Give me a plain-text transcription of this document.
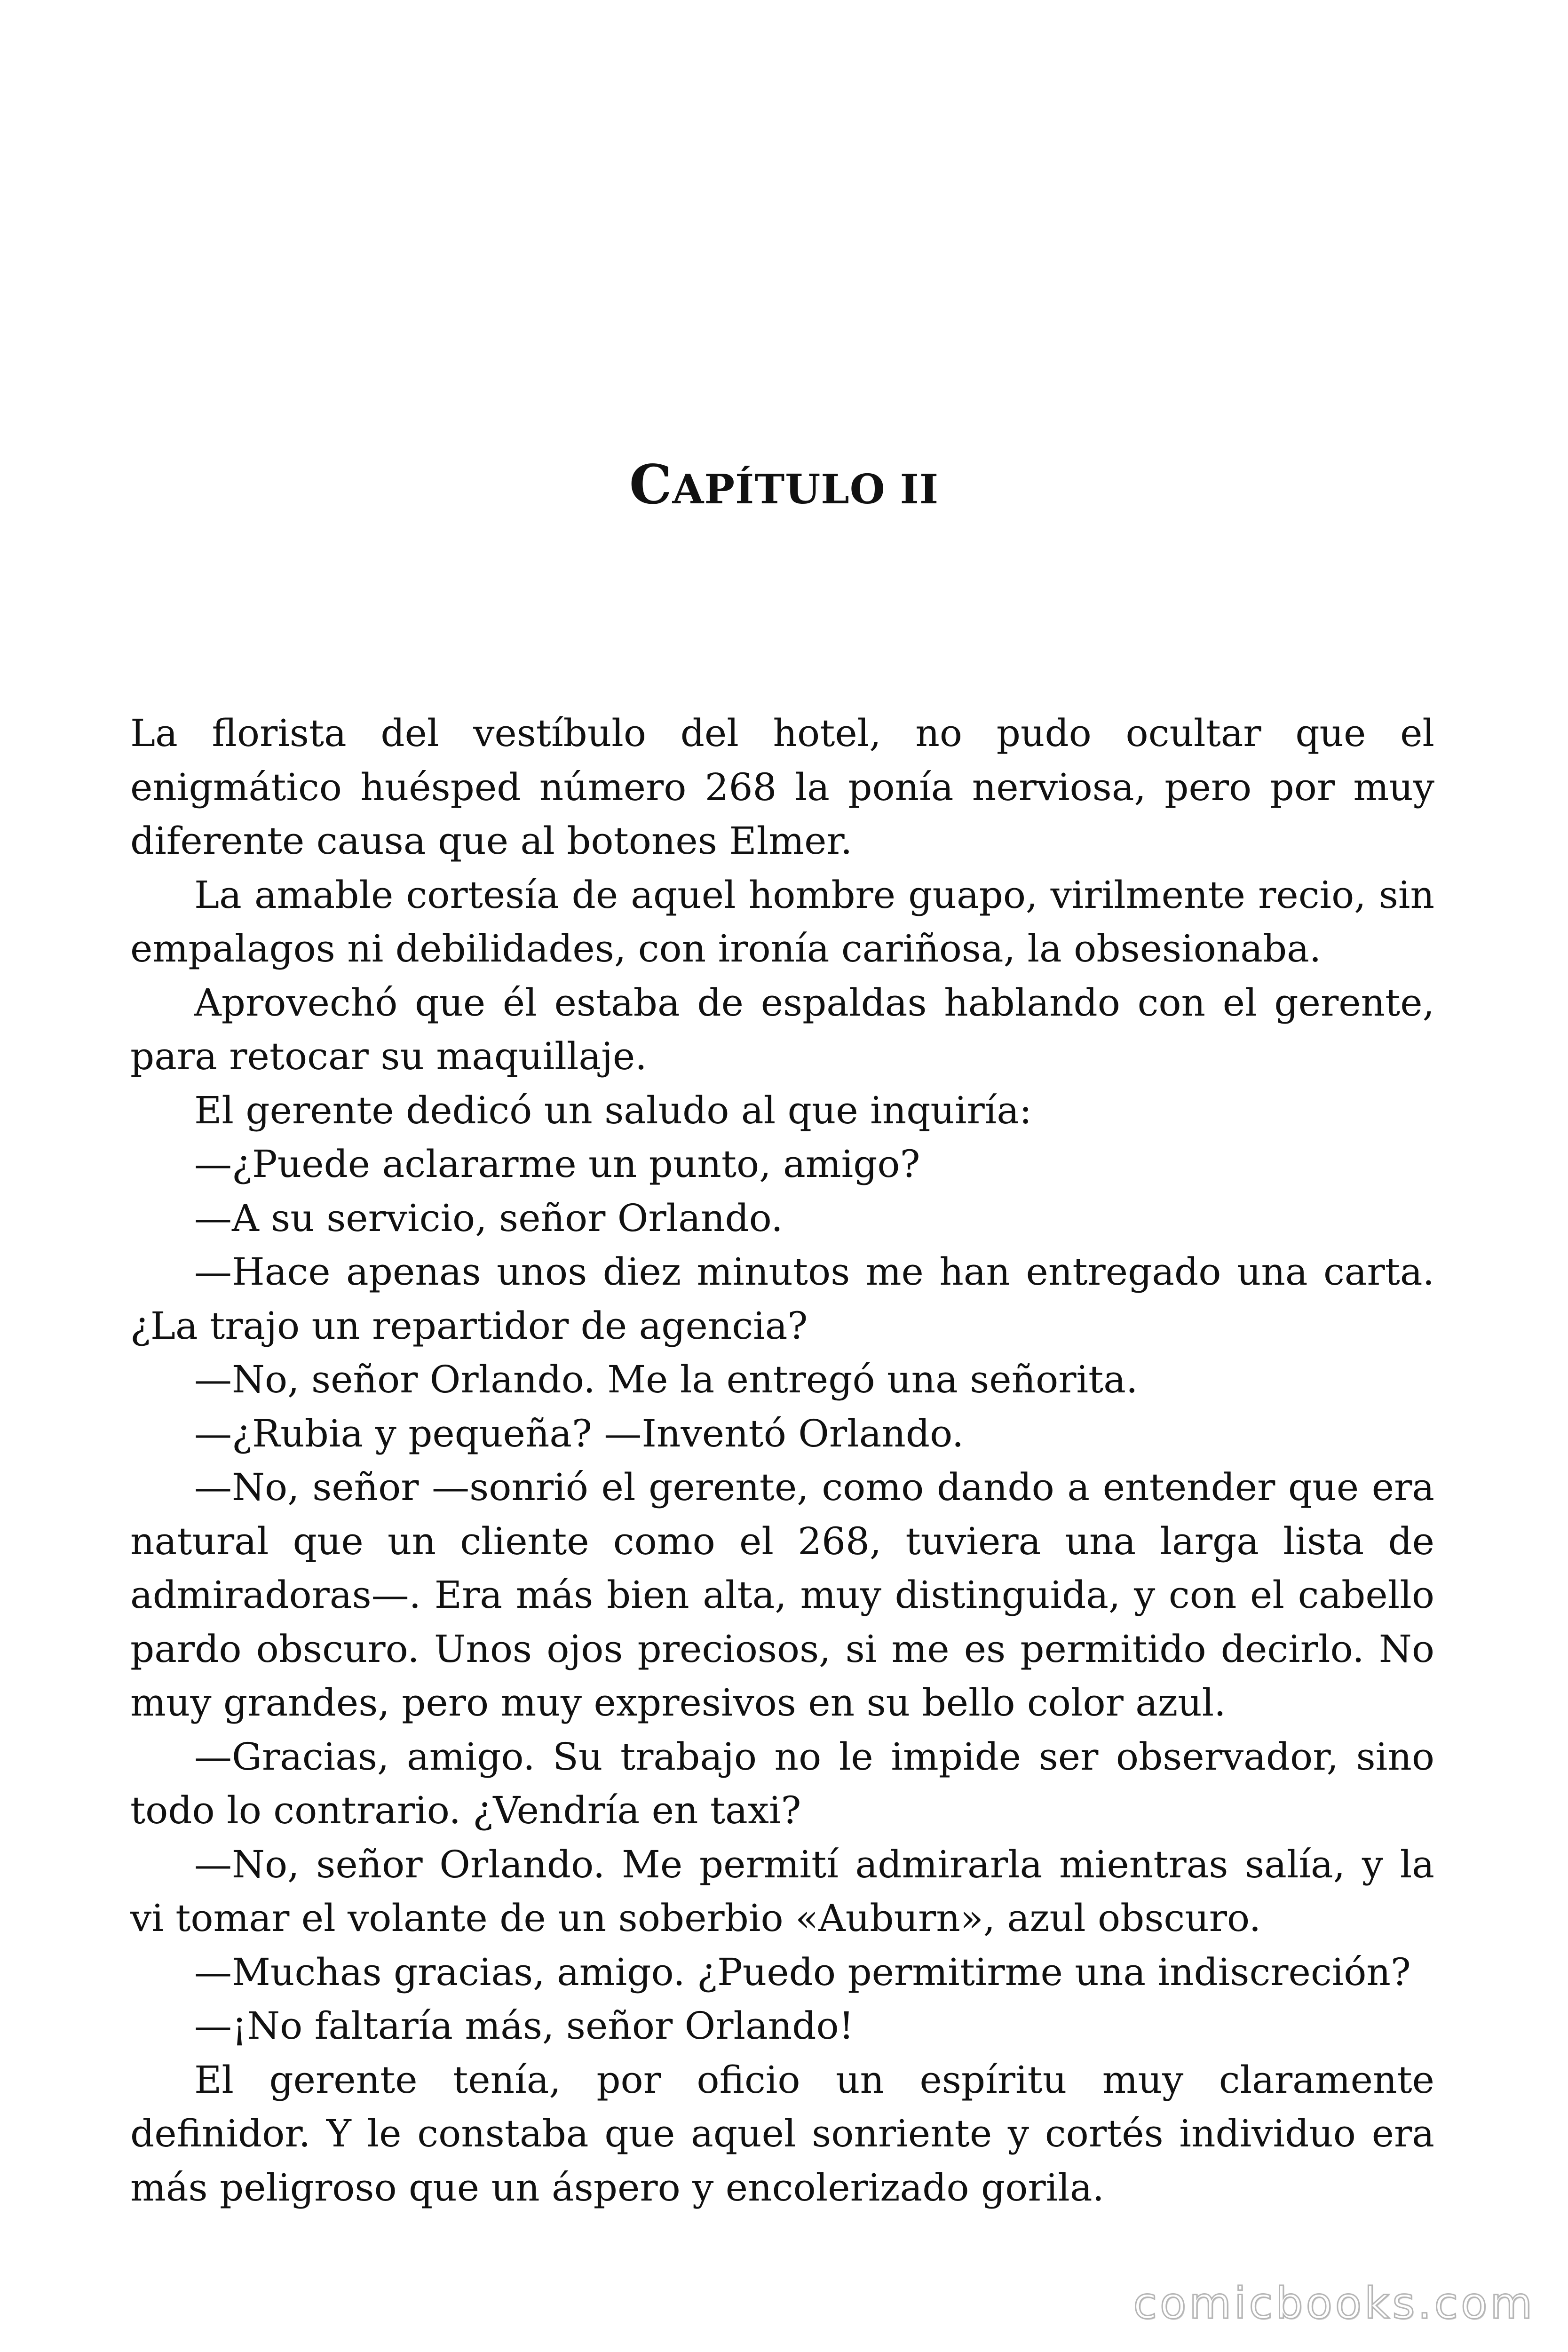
CAPÍTULO II

La florista del vestíbulo del hotel, no pudo ocultar que el enigmático huésped número 268 la ponía nerviosa, pero por muy diferente causa que al botones Elmer.

La amable cortesía de aquel hombre guapo, virilmente recio, sin empalagos ni debilidades, con ironía cariñosa, la obsesionaba.

Aprovechó que él estaba de espaldas hablando con el gerente, para retocar su maquillaje.

El gerente dedicó un saludo al que inquiría:

—¿Puede aclararme un punto, amigo?

—A su servicio, señor Orlando.

—Hace apenas unos diez minutos me han entregado una carta. ¿La trajo un repartidor de agencia?

—No, señor Orlando. Me la entregó una señorita.

—¿Rubia y pequeña? —Inventó Orlando.

—No, señor —sonrió el gerente, como dando a entender que era natural que un cliente como el 268, tuviera una larga lista de admiradoras—. Era más bien alta, muy distinguida, y con el cabello pardo obscuro. Unos ojos preciosos, si me es permitido decirlo. No muy grandes, pero muy expresivos en su bello color azul.

—Gracias, amigo. Su trabajo no le impide ser observador, sino todo lo contrario. ¿Vendría en taxi?

—No, señor Orlando. Me permití admirarla mientras salía, y la vi tomar el volante de un soberbio «Auburn», azul obscuro.

—Muchas gracias, amigo. ¿Puedo permitirme una indiscreción?

—¡No faltaría más, señor Orlando!

El gerente tenía, por oficio un espíritu muy claramente definidor. Y le constaba que aquel sonriente y cortés individuo era más peligroso que un áspero y encolerizado gorila.

comicbooks.com
